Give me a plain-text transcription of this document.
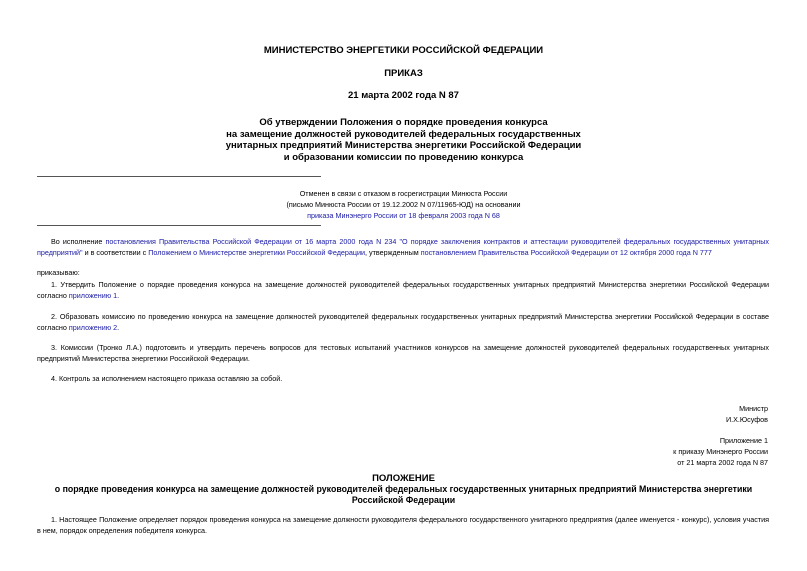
МИНИСТЕРСТВО ЭНЕРГЕТИКИ РОССИЙСКОЙ ФЕДЕРАЦИИ
ПРИКАЗ
21 марта 2002 года N 87
Об утверждении Положения о порядке проведения конкурса
на замещение должностей руководителей федеральных государственных
унитарных предприятий Министерства энергетики Российской Федерации
и образовании комиссии по проведению конкурса
Отменен в связи с отказом в госрегистрации Минюста России
(письмо Минюста России от 19.12.2002 N 07/11965-ЮД) на основании
приказа Минэнерго России от 18 февраля 2003 года N 68
Во исполнение постановления Правительства Российской Федерации от 16 марта 2000 года N 234 "О порядке заключения контрактов и аттестации руководителей федеральных государственных унитарных предприятий" и в соответствии с Положением о Министерстве энергетики Российской Федерации, утвержденным постановлением Правительства Российской Федерации от 12 октября 2000 года N 777
приказываю:
1. Утвердить Положение о порядке проведения конкурса на замещение должностей руководителей федеральных государственных унитарных предприятий Министерства энергетики Российской Федерации согласно приложению 1.
2. Образовать комиссию по проведению конкурса на замещение должностей руководителей федеральных государственных унитарных предприятий Министерства энергетики Российской Федерации в составе согласно приложению 2.
3. Комиссии (Тронко Л.А.) подготовить и утвердить перечень вопросов для тестовых испытаний участников конкурсов на замещение должностей руководителей федеральных государственных унитарных предприятий Министерства энергетики Российской Федерации.
4. Контроль за исполнением настоящего приказа оставляю за собой.
Министр
И.Х.Юсуфов
Приложение 1
к приказу Минэнерго России
от 21 марта 2002 года N 87
ПОЛОЖЕНИЕ
о порядке проведения конкурса на замещение должностей руководителей федеральных государственных унитарных предприятий Министерства энергетики
Российской Федерации
1. Настоящее Положение определяет порядок проведения конкурса на замещение должности руководителя федерального государственного унитарного предприятия (далее именуется - конкурс), условия участия в нем, порядок определения победителя конкурса.
